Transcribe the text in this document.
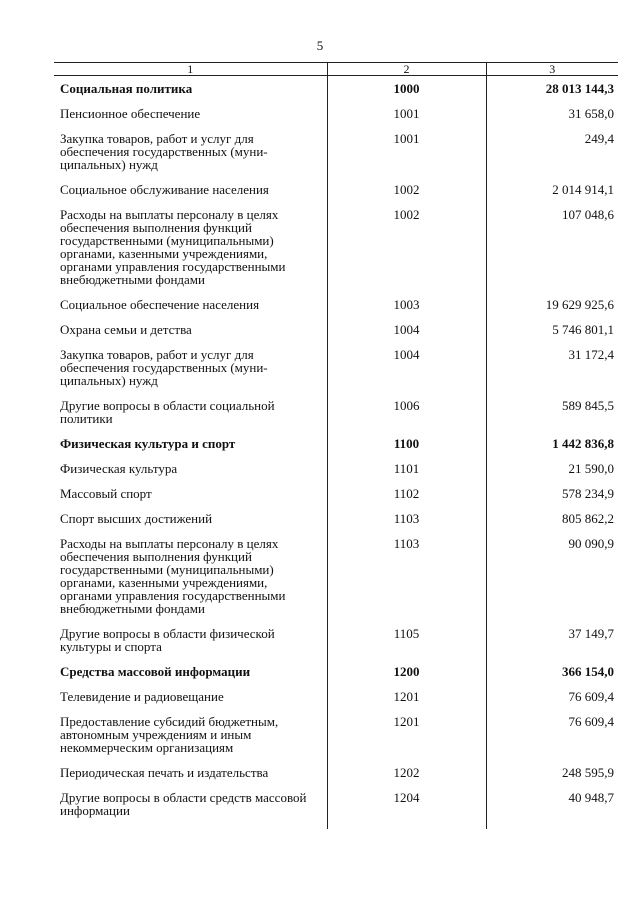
5
1	2	3
Социальная политика	1000	28 013 144,3
Пенсионное обеспечение	1001	31 658,0
Закупка товаров, работ и услуг для обеспечения государственных (муни-ципальных) нужд	1001	249,4
Социальное обслуживание населения	1002	2 014 914,1
Расходы на выплаты персоналу в целях обеспечения выполнения функций государственными (муниципальными) органами, казенными учреждениями, органами управления государственными внебюджетными фондами	1002	107 048,6
Социальное обеспечение населения	1003	19 629 925,6
Охрана семьи и детства	1004	5 746 801,1
Закупка товаров, работ и услуг для обеспечения государственных (муни-ципальных) нужд	1004	31 172,4
Другие вопросы в области социальной политики	1006	589 845,5
Физическая культура и спорт	1100	1 442 836,8
Физическая культура	1101	21 590,0
Массовый спорт	1102	578 234,9
Спорт высших достижений	1103	805 862,2
Расходы на выплаты персоналу в целях обеспечения выполнения функций государственными (муниципальными) органами, казенными учреждениями, органами управления государственными внебюджетными фондами	1103	90 090,9
Другие вопросы в области физической культуры и спорта	1105	37 149,7
Средства массовой информации	1200	366 154,0
Телевидение и радиовещание	1201	76 609,4
Предоставление субсидий бюджетным, автономным учреждениям и иным некоммерческим организациям	1201	76 609,4
Периодическая печать и издательства	1202	248 595,9
Другие вопросы в области средств массовой информации	1204	40 948,7
